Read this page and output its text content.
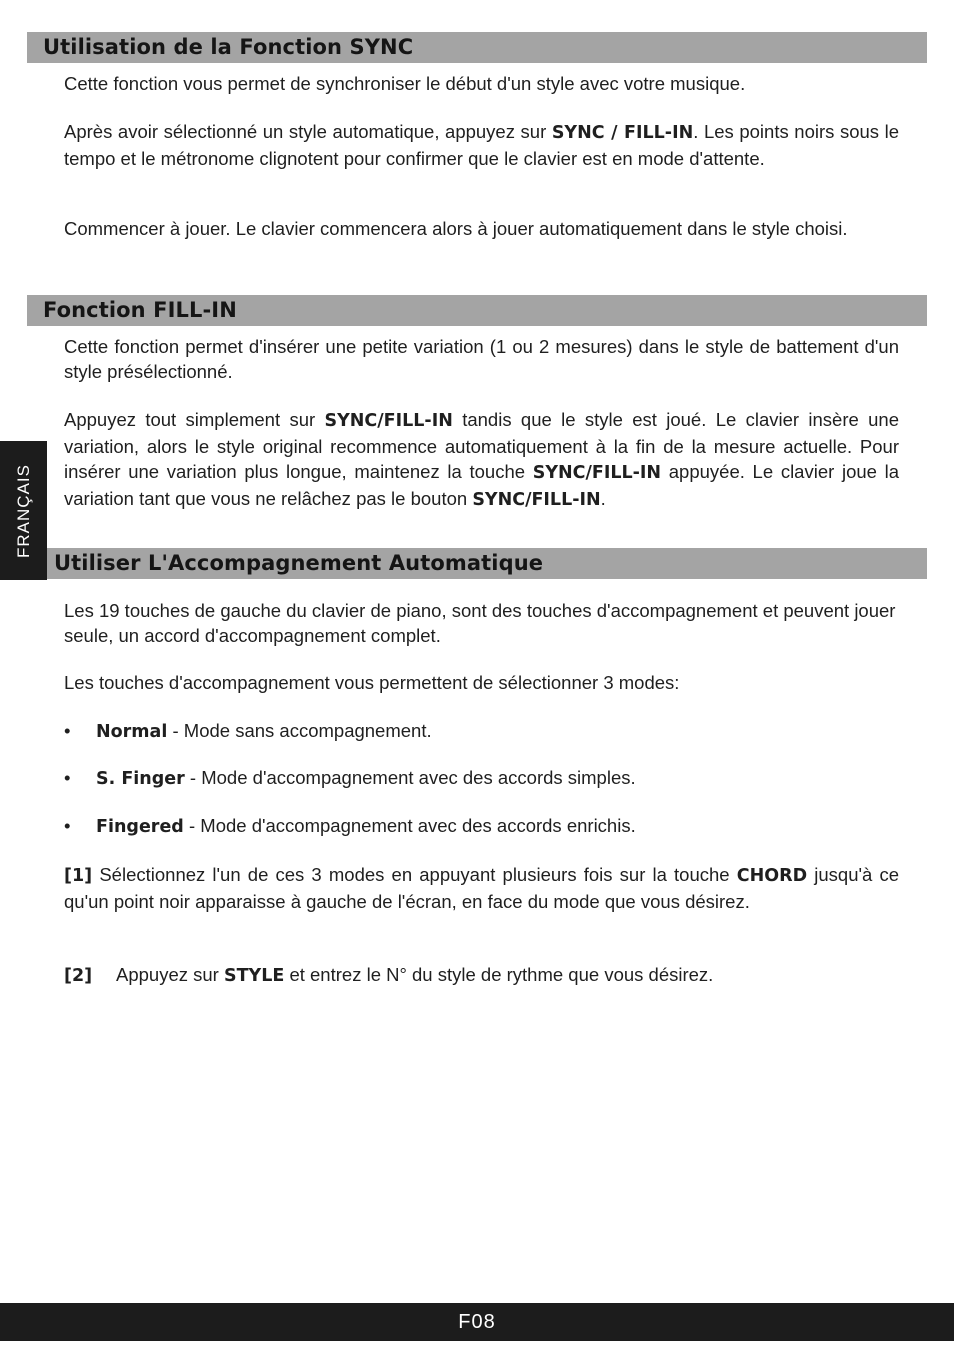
Utilisation de la Fonction SYNC

Cette fonction vous permet de synchroniser le début d'un style avec votre musique.

Après avoir sélectionné un style automatique, appuyez sur SYNC / FILL-IN. Les points noirs sous le tempo et le métronome clignotent pour confirmer que le clavier est en mode d'attente.

Commencer à jouer. Le clavier commencera alors à jouer automatiquement dans le style choisi.

Fonction FILL-IN

Cette fonction permet d'insérer une petite variation (1 ou 2 mesures) dans le style de battement d'un style présélectionné.

Appuyez tout simplement sur SYNC/FILL-IN tandis que le style est joué. Le clavier insère une variation, alors le style original recommence automatiquement à la fin de la mesure actuelle. Pour insérer une variation plus longue, maintenez la touche SYNC/FILL-IN appuyée. Le clavier joue la variation tant que vous ne relâchez pas le bouton SYNC/FILL-IN.

FRANÇAIS
Utiliser L'Accompagnement Automatique

Les 19 touches de gauche du clavier de piano, sont des touches d'accompagnement et peuvent jouer seule, un accord d'accompagnement complet.

Les touches d'accompagnement vous permettent de sélectionner 3 modes:

• Normal - Mode sans accompagnement.

• S. Finger - Mode d'accompagnement avec des accords simples.

• Fingered - Mode d'accompagnement avec des accords enrichis.

[1] Sélectionnez l'un de ces 3 modes en appuyant plusieurs fois sur la touche CHORD jusqu'à ce qu'un point noir apparaisse à gauche de l'écran, en face du mode que vous désirez.

[2] Appuyez sur STYLE et entrez le N° du style de rythme que vous désirez.

F08
